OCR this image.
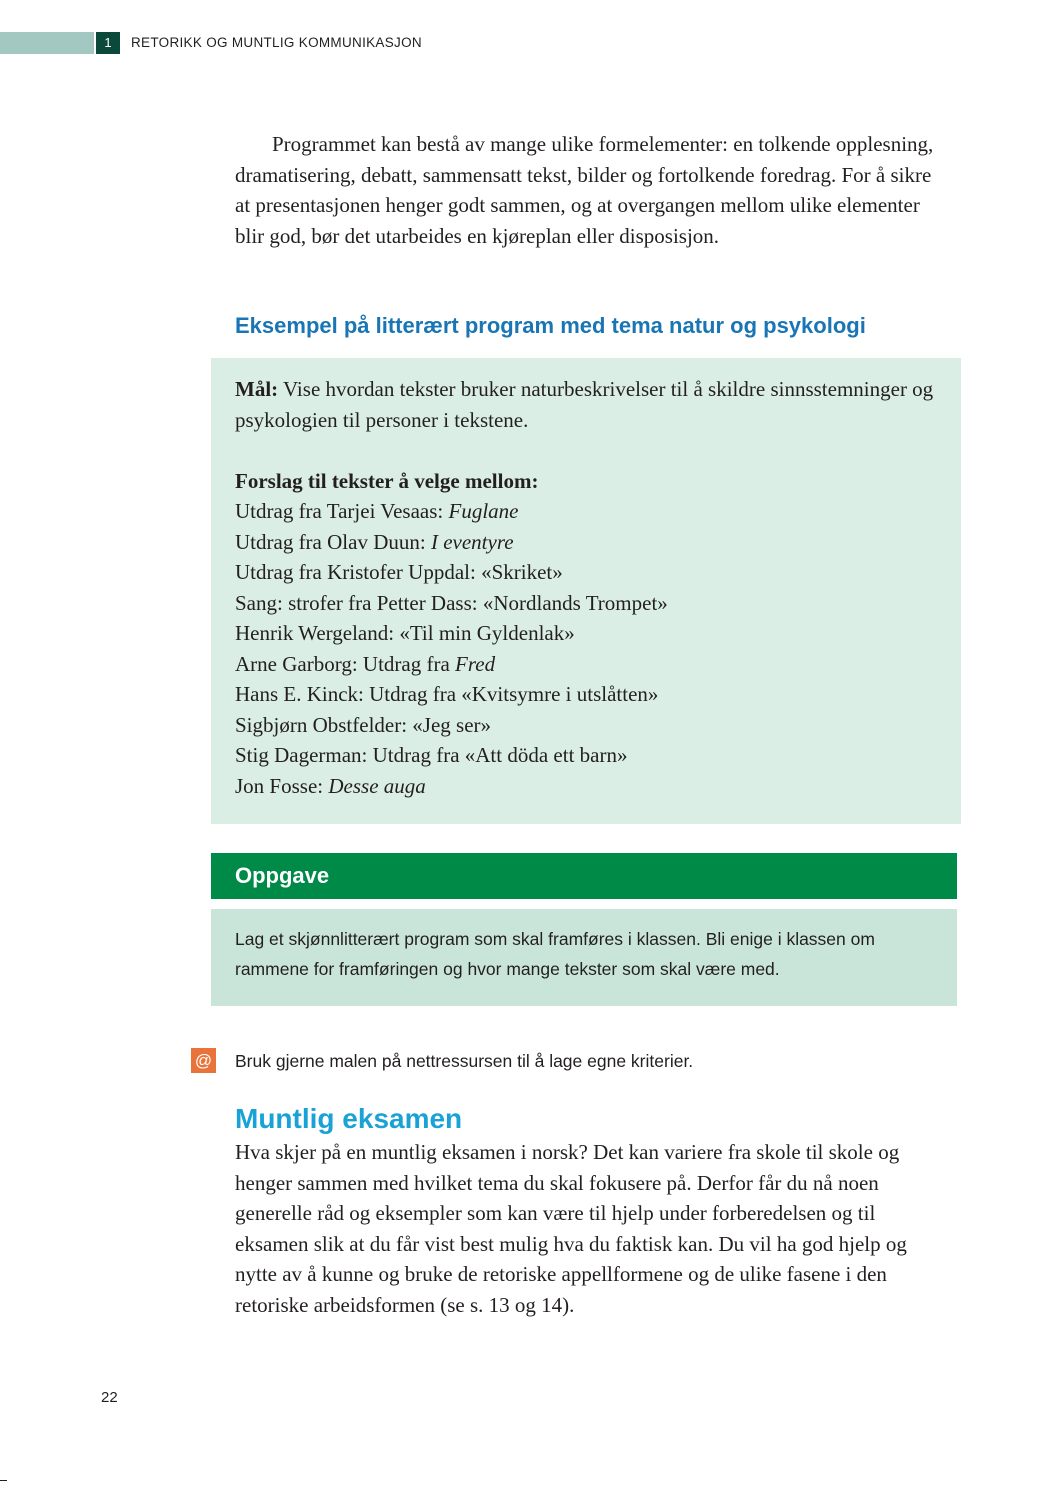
1	RETORIKK OG MUNTLIG KOMMUNIKASJON

Programmet kan bestå av mange ulike formelementer: en tolkende opplesning, dramatisering, debatt, sammensatt tekst, bilder og fortolkende foredrag. For å sikre at presentasjonen henger godt sammen, og at overgangen mellom ulike elementer blir god, bør det utarbeides en kjøreplan eller disposisjon.

Eksempel på litterært program med tema natur og psykologi

Mål: Vise hvordan tekster bruker naturbeskrivelser til å skildre sinnsstemninger og psykologien til personer i tekstene.

Forslag til tekster å velge mellom:

Utdrag fra Tarjei Vesaas: Fuglane
Utdrag fra Olav Duun: I eventyre
Utdrag fra Kristofer Uppdal: «Skriket»
Sang: strofer fra Petter Dass: «Nordlands Trompet»
Henrik Wergeland: «Til min Gyldenlak»
Arne Garborg: Utdrag fra Fred
Hans E. Kinck: Utdrag fra «Kvitsymre i utslåtten»
Sigbjørn Obstfelder: «Jeg ser»
Stig Dagerman: Utdrag fra «Att döda ett barn»
Jon Fosse: Desse auga
Oppgave

Lag et skjønnlitterært program som skal framføres i klassen. Bli enige i klassen om rammene for framføringen og hvor mange tekster som skal være med.

@ Bruk gjerne malen på nettressursen til å lage egne kriterier.

Muntlig eksamen

Hva skjer på en muntlig eksamen i norsk? Det kan variere fra skole til skole og henger sammen med hvilket tema du skal fokusere på. Derfor får du nå noen generelle råd og eksempler som kan være til hjelp under forberedelsen og til eksamen slik at du får vist best mulig hva du faktisk kan. Du vil ha god hjelp og nytte av å kunne og bruke de retoriske appellformene og de ulike fasene i den retoriske arbeidsformen (se s. 13 og 14).

22
